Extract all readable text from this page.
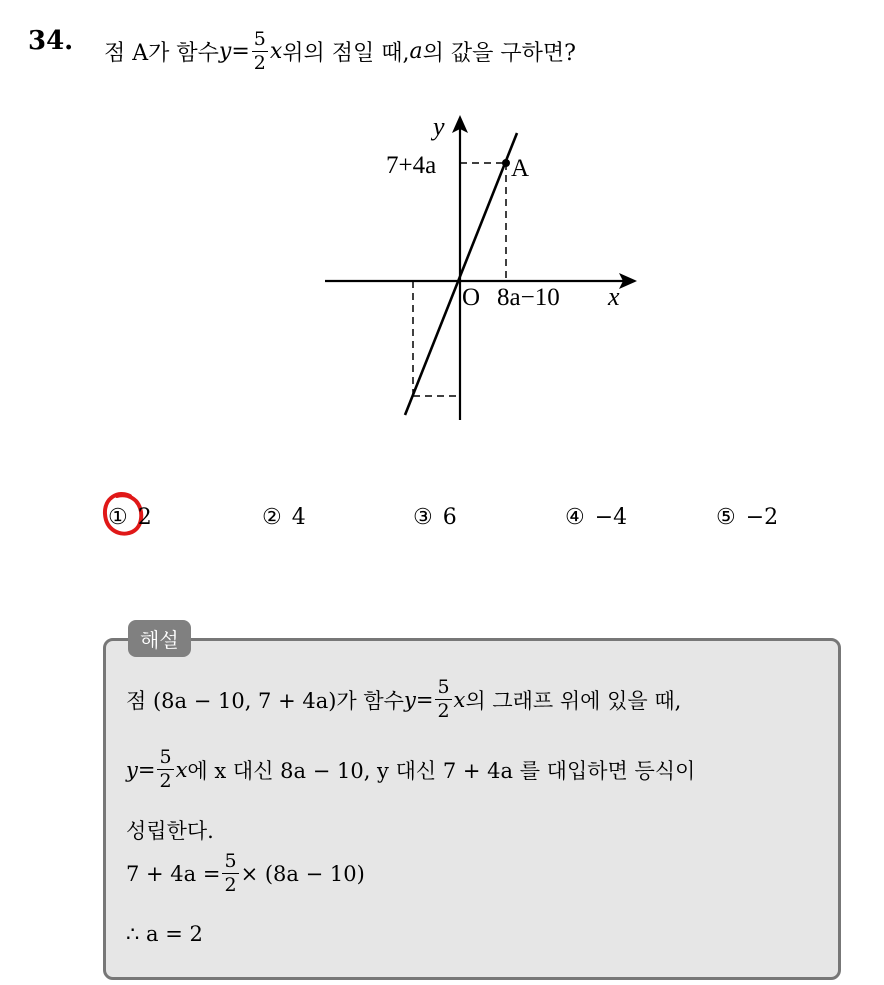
34. 점 A가 함수 $y = \frac{5}{2}$ x 위의 점일 때, a 의 값을 구하면?
y
x
O
A
7+4a
8a−10
① 2	② 4	③ 6	④ −4	⑤ −2
해설
점 (8a − 10, 7 + 4a)가 함수 $y = \frac{5}{2}$ x 의 그래프 위에 있을 때,
$y = \frac{5}{2}$ x 에 x 대신 8a − 10, y 대신 7 + 4a 를 대입하면 등식이
성립한다.
$7 + 4a = \frac{5}{2} \times (8a - 10)$
∴ a = 2
